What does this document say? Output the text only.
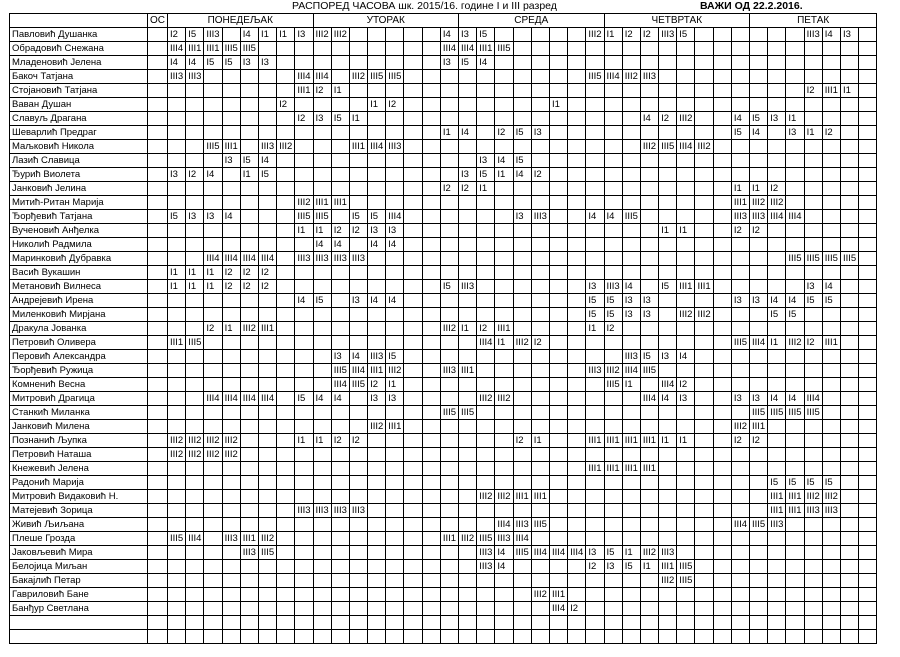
РАСПОРЕД ЧАСОВА шк. 2015/16. године I и III разред	ВАЖИ ОД 22.2.2016.
	ОС	ПОНЕДЕЉАК								УТОРАК								СРЕДА								ЧЕТВРТАК								ПЕТАК						
Павловић Душанка		I2	I5	III3		I4	I1	I1	I3	III2	III2						I4	I3	I5						III2	I1	I2	I2	III3	I5							III3	I4	I3	
Обрадовић Снежана		III4	III1	III1	III5	III5											III4	III4	III1	III5																				
Младеновић Јелена		I4	I4	I5	I5	I3	I3										I3	I5	I4																					
Бакоч Татјана		III3	III3						III4	III4		III2	III5	III5											III5	III4	III2	III3												
Стојановић Татјана									III1	I2	I1																										I2	III1	I1	
Ваван Душан								I2					I1	I2									I1																	
Славуљ Драгана									I2	I3	I5	I1																I4	I2	III2			I4	I5	I3	I1				
Шеварлић Предраг																	I1	I4		I2	I5	I3											I5	I4		I3	I1	I2		
Маљковић Никола				III5	III1		III3	III2				III1	III4	III3														III2	III5	III4	III2									
Лазић Славица					I3	I5	I4												I3	I4	I5																			
Ђурић Виолета		I3	I2	I4		I1	I5											I3	I5	I1	I4	I2																		
Јанковић Јелина																	I2	I2	I1														I1	I1	I2					
Митић-Ритан Марија									III2	III1	III1																						III1	III2	III2					
Ђорђевић Татјана		I5	I3	I3	I4				III5	III5		I5	I5	III4							I3	III3			I4	I4	III5						III3	III3	III4	III4				
Вученовић Анђелка									I1	I1	I2	I2	I3	I3															I1	I1			I2	I2						
Николић Радмила										I4	I4		I4	I4																										
Маринковић Дубравка				III4	III4	III4	III4		III3	III3	III3	III3																								III5	III5	III5	III5	
Васић Вукашин		I1	I1	I1	I2	I2	I2																																	
Метановић Вилнеса		I1	I1	I1	I2	I2	I2										I5	III3							I3	III3	I4		I5	III1	III1						I3	I4		
Андрејевић Ирена									I4	I5		I3	I4	I4											I5	I5	I3	I3					I3	I3	I4	I4	I5	I5		
Миленковић Мирјана																									I5	I5	I3	I3		III2	III2				I5	I5				
Дракула Јованка				I2	I1	III2	III1										III2	I1	I2	III1					I1	I2														
Петровић Оливера		III1	III5																III4	I1	III2	I2											III5	III4	I1	III2	I2	III1		
Перовић Александра											I3	I4	III3	I5													III3	I5	I3	I4										
Ђорђевић Ружица											III5	III4	III1	III2			III3	III1							III3	III2	III4	III5												
Комненић Весна											III4	III5	I2	I1												III5	I1		III4	I2										
Митровић Драгица				III4	III4	III4	III4		I5	I4	I4		I3	I3					III2	III2								III4	I4	I3			I3	I3	I4	I4	III4			
Станкић Миланка																	III5	III5																III5	III5	III5	III5			
Јанковић Милена													III2	III1																			III2	III1						
Познанић Љупка		III2	III2	III2	III2				I1	I1	I2	I2									I2	I1			III1	III1	III1	III1	I1	I1			I2	I2						
Петровић Наташа		III2	III2	III2	III2																																			
Кнежевић Јелена																									III1	III1	III1	III1												
Радонић Марија																																			I5	I5	I5	I5		
Митровић Видаковић Н.																			III2	III2	III1	III1													III1	III1	III2	III2		
Матејевић Зорица									III3	III3	III3	III3																							III1	III1	III3	III3		
Живић Љиљана																				III4	III3	III5											III4	III5	III3					
Плеше Грозда		III5	III4		III3	III1	III2										III1	III2	III5	III3	III4																			
Јаковљевић Мира						III3	III5												III3	I4	III5	III4	III4	III4	I3	I5	I1	III2	III3											
Белојица Миљан																			III3	I4					I2	I3	I5	I1	III1	III5										
Бакајлић Петар																													III2	III5										
Гавриловић Бане																						III2	III1																	
Банђур Светлана																							III4	I2																
